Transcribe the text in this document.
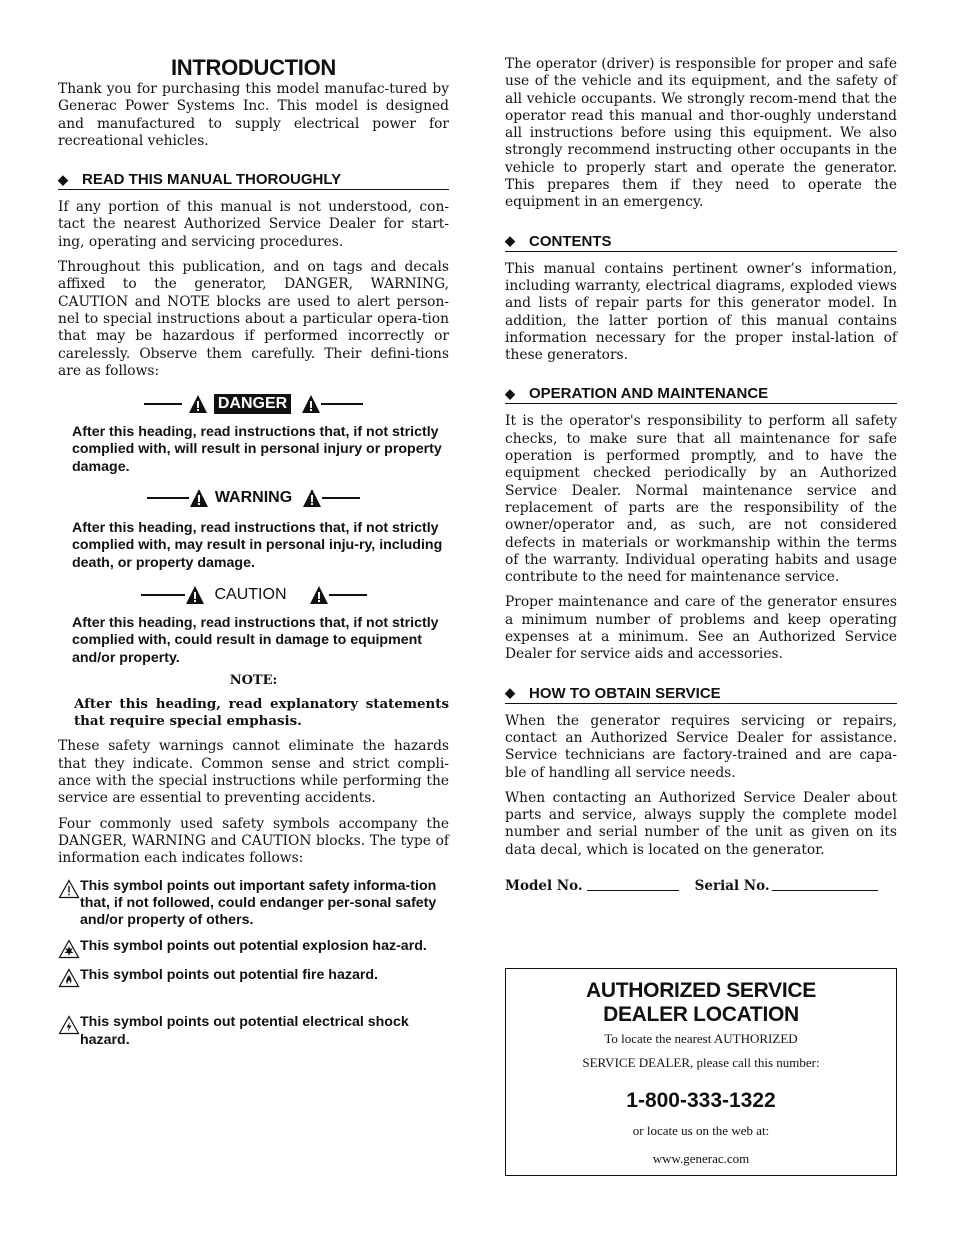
INTRODUCTION

Thank you for purchasing this model manufac-tured by Generac Power Systems Inc. This model is designed and manufactured to supply electrical power for recreational vehicles.

◆ READ THIS MANUAL THOROUGHLY

If any portion of this manual is not understood, con-tact the nearest Authorized Service Dealer for start-ing, operating and servicing procedures.

Throughout this publication, and on tags and decals affixed to the generator, DANGER, WARNING, CAUTION and NOTE blocks are used to alert person-nel to special instructions about a particular opera-tion that may be hazardous if performed incorrectly or carelessly. Observe them carefully. Their defini-tions are as follows:

DANGER

After this heading, read instructions that, if not strictly complied with, will result in personal injury or property damage.

WARNING

After this heading, read instructions that, if not strictly complied with, may result in personal inju-ry, including death, or property damage.

CAUTION

After this heading, read instructions that, if not strictly complied with, could result in damage to equipment and/or property.

NOTE:

After this heading, read explanatory statements that require special emphasis.

These safety warnings cannot eliminate the hazards that they indicate. Common sense and strict compli-ance with the special instructions while performing the service are essential to preventing accidents.

Four commonly used safety symbols accompany the DANGER, WARNING and CAUTION blocks. The type of information each indicates follows:

This symbol points out important safety informa-tion that, if not followed, could endanger per-sonal safety and/or property of others.
This symbol points out potential explosion haz-ard.
This symbol points out potential fire hazard.
This symbol points out potential electrical shock hazard.

The operator (driver) is responsible for proper and safe use of the vehicle and its equipment, and the safety of all vehicle occupants. We strongly recom-mend that the operator read this manual and thor-oughly understand all instructions before using this equipment. We also strongly recommend instructing other occupants in the vehicle to properly start and operate the generator. This prepares them if they need to operate the equipment in an emergency.

◆ CONTENTS

This manual contains pertinent owner’s information, including warranty, electrical diagrams, exploded views and lists of repair parts for this generator model. In addition, the latter portion of this manual contains information necessary for the proper instal-lation of these generators.

◆ OPERATION AND MAINTENANCE

It is the operator's responsibility to perform all safety checks, to make sure that all maintenance for safe operation is performed promptly, and to have the equipment checked periodically by an Authorized Service Dealer. Normal maintenance service and replacement of parts are the responsibility of the owner/operator and, as such, are not considered defects in materials or workmanship within the terms of the warranty. Individual operating habits and usage contribute to the need for maintenance service.

Proper maintenance and care of the generator ensures a minimum number of problems and keep operating expenses at a minimum. See an Authorized Service Dealer for service aids and accessories.

◆ HOW TO OBTAIN SERVICE

When the generator requires servicing or repairs, contact an Authorized Service Dealer for assistance. Service technicians are factory-trained and are capa-ble of handling all service needs.

When contacting an Authorized Service Dealer about parts and service, always supply the complete model number and serial number of the unit as given on its data decal, which is located on the generator.

Model No.	Serial No.
AUTHORIZED SERVICE
DEALER LOCATION
To locate the nearest AUTHORIZED
SERVICE DEALER, please call this number:
1-800-333-1322
or locate us on the web at:
www.generac.com
